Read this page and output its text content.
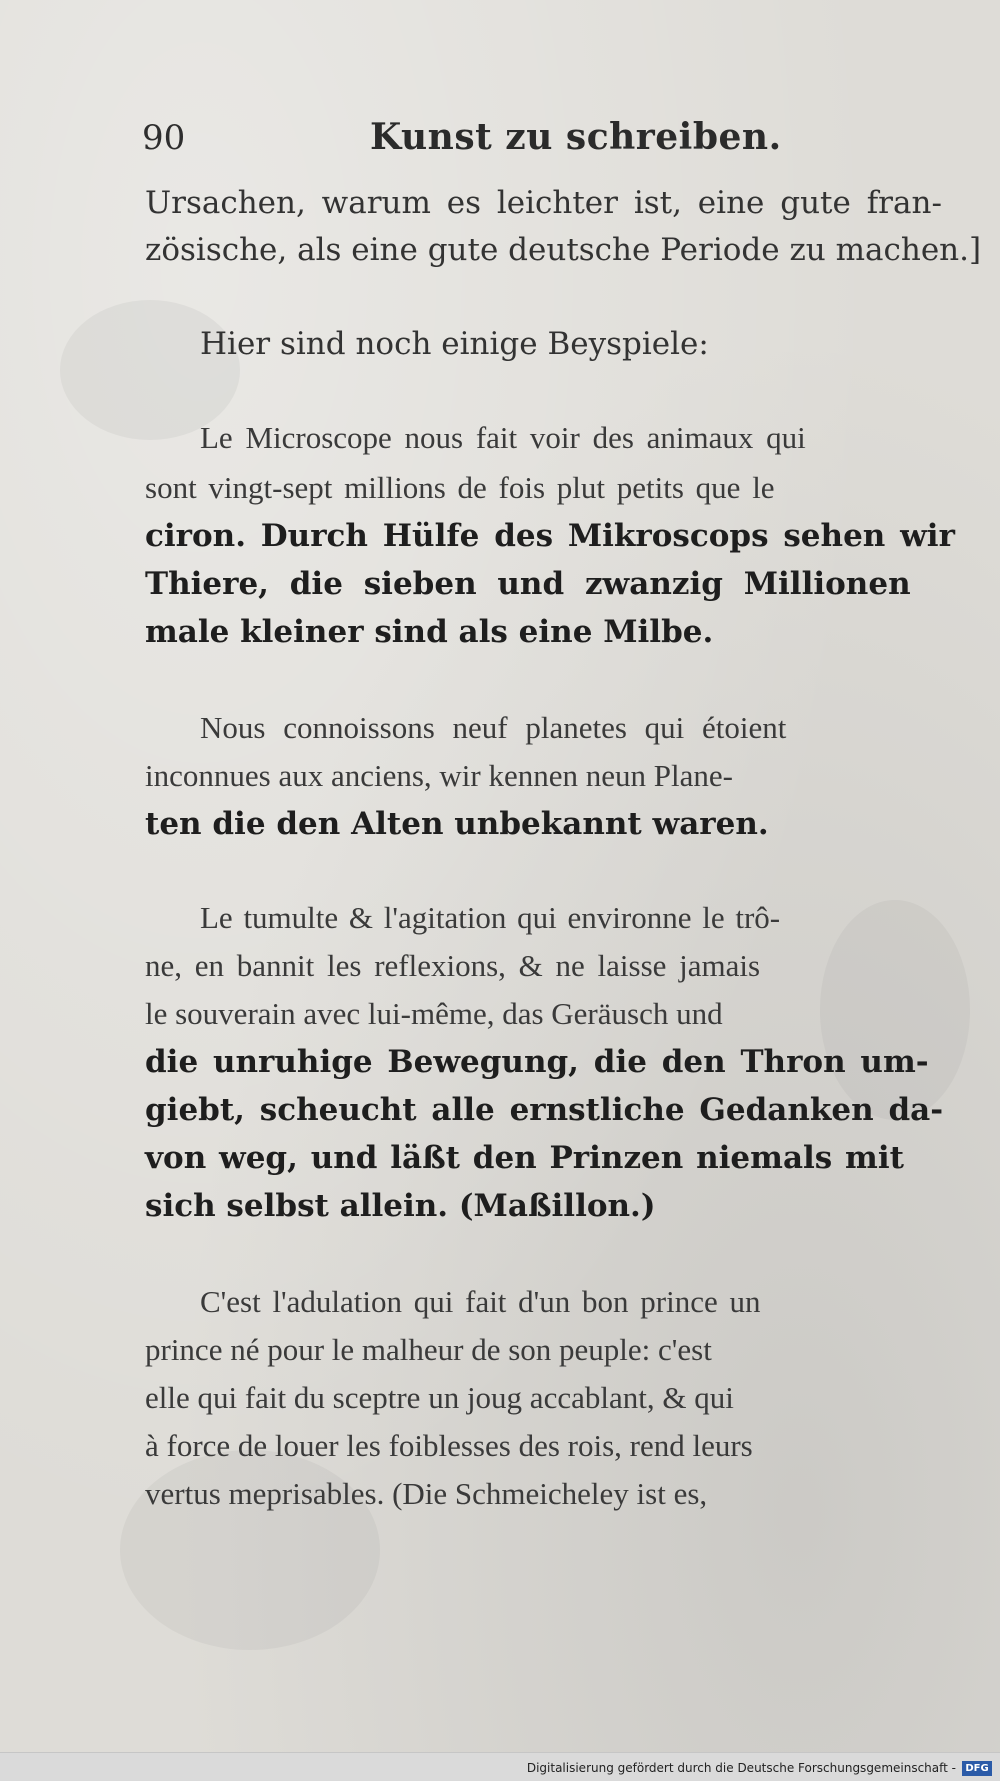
90	Kunst zu schreiben.

Ursachen, warum es leichter ist, eine gute fran-

zösische, als eine gute deutsche Periode zu machen.]

Hier sind noch einige Beyspiele:

Le Microscope nous fait voir des animaux qui

sont vingt-sept millions de fois plut petits que le

ciron. Durch Hülfe des Mikroscops sehen wir

Thiere, die sieben und zwanzig Millionen

male kleiner sind als eine Milbe.

Nous connoissons neuf planetes qui étoient

inconnues aux anciens, wir kennen neun Plane-

ten die den Alten unbekannt waren.

Le tumulte & l'agitation qui environne le trô-

ne, en bannit les reflexions, & ne laisse jamais

le souverain avec lui-même, das Geräusch und

die unruhige Bewegung, die den Thron um-

giebt, scheucht alle ernstliche Gedanken da-

von weg, und läßt den Prinzen niemals mit

sich selbst allein. (Maßillon.)

C'est l'adulation qui fait d'un bon prince un

prince né pour le malheur de son peuple: c'est

elle qui fait du sceptre un joug accablant, & qui

à force de louer les foiblesses des rois, rend leurs

vertus meprisables. (Die Schmeicheley ist es,

Digitalisierung gefördert durch die Deutsche Forschungsgemeinschaft - DFG
